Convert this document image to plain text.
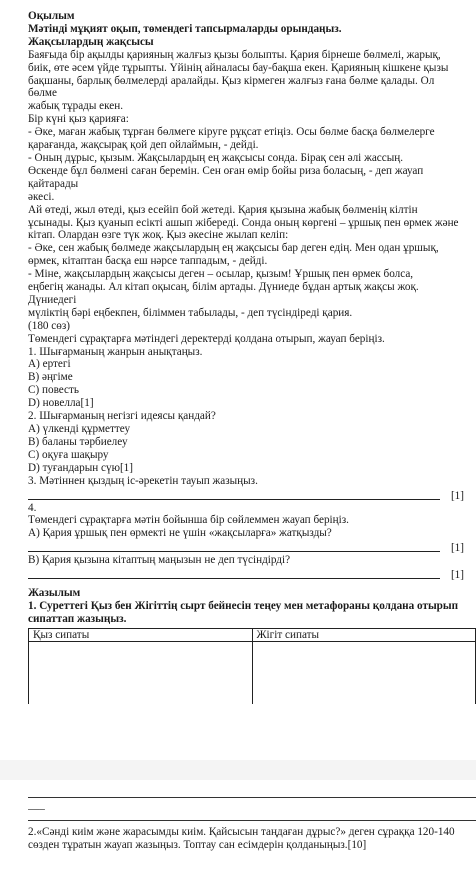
Оқылым
Мәтінді мұқият оқып, төмендегі тапсырмаларды орындаңыз.
Жақсылардың жақсысы
Баяғыда бір ақылды қарияның жалғыз қызы болыпты. Қария бірнеше бөлмелі, жарық,
биік, өте әсем үйде тұрыпты. Үйінің айналасы бау-бақша екен. Қарияның кішкене қызы
бақшаны, барлық бөлмелерді аралайды. Қыз кірмеген жалғыз ғана бөлме қалады. Ол
бөлме
жабық тұрады екен.
Бір күні қыз қарияға:
- Әке, маған жабық тұрған бөлмеге кіруге рұқсат етіңіз. Осы бөлме басқа бөлмелерге
қарағанда, жақсырақ қой деп ойлаймын, - дейді.
- Оның дұрыс, қызым. Жақсылардың ең жақсысы сонда. Бірақ сен әлі жассың.
Өскенде бұл бөлмені саған беремін. Сен оған өмір бойы риза боласың, - деп жауап
қайтарады
әкесі.
Ай өтеді, жыл өтеді, қыз есейіп бой жетеді. Қария қызына жабық бөлменің кілтін
ұсынады. Қыз қуанып есікті ашып жібереді. Сонда оның көргені – ұршық пен өрмек және
кітап. Олардан өзге түк жоқ. Қыз әкесіне жылап келіп:
- Әке, сен жабық бөлмеде жақсылардың ең жақсысы бар деген едің. Мен одан ұршық,
өрмек, кітаптан басқа еш нәрсе таппадым, - дейді.
- Міне, жақсылардың жақсысы деген – осылар, қызым! Ұршық пен өрмек болса,
еңбегің жанады. Ал кітап оқысаң, білім артады. Дүниеде бұдан артық жақсы жоқ.
Дүниедегі
мүліктің бәрі еңбекпен, біліммен табылады, - деп түсіндіреді қария.
(180 сөз)
Төмендегі сұрақтарға мәтіндегі деректерді қолдана отырып, жауап беріңіз.
1. Шығарманың жанрын анықтаңыз.
A) ертегі
B) әңгіме
C) повесть
D) новелла[1]
2. Шығарманың негізгі идеясы қандай?
A) үлкенді құрметтеу
B) баланы тәрбиелеу
C) оқуға шақыру
D) туғандарын сүю[1]
3. Мәтіннен қыздың іс-әрекетін тауып жазыңыз.
[1]
4.
Төмендегі сұрақтарға мәтін бойынша бір сөйлеммен жауап беріңіз.
A) Қария ұршық пен өрмекті не үшін «жақсыларға» жатқызды?
[1]
B) Қария қызына кітаптың маңызын не деп түсіндірді?
[1]
Жазылым
1. Суреттегі Қыз бен Жігіттің сырт бейнесін теңеу мен метафораны қолдана отырып
сипаттап жазыңыз.
Қыз сипаты	Жігіт сипаты

___
2.«Сәнді киім және жарасымды киім. Қайсысын таңдаған дұрыс?» деген сұраққа 120-140
сөзден тұратын жауап жазыңыз. Топтау сан есімдерін қолданыңыз.[10]
